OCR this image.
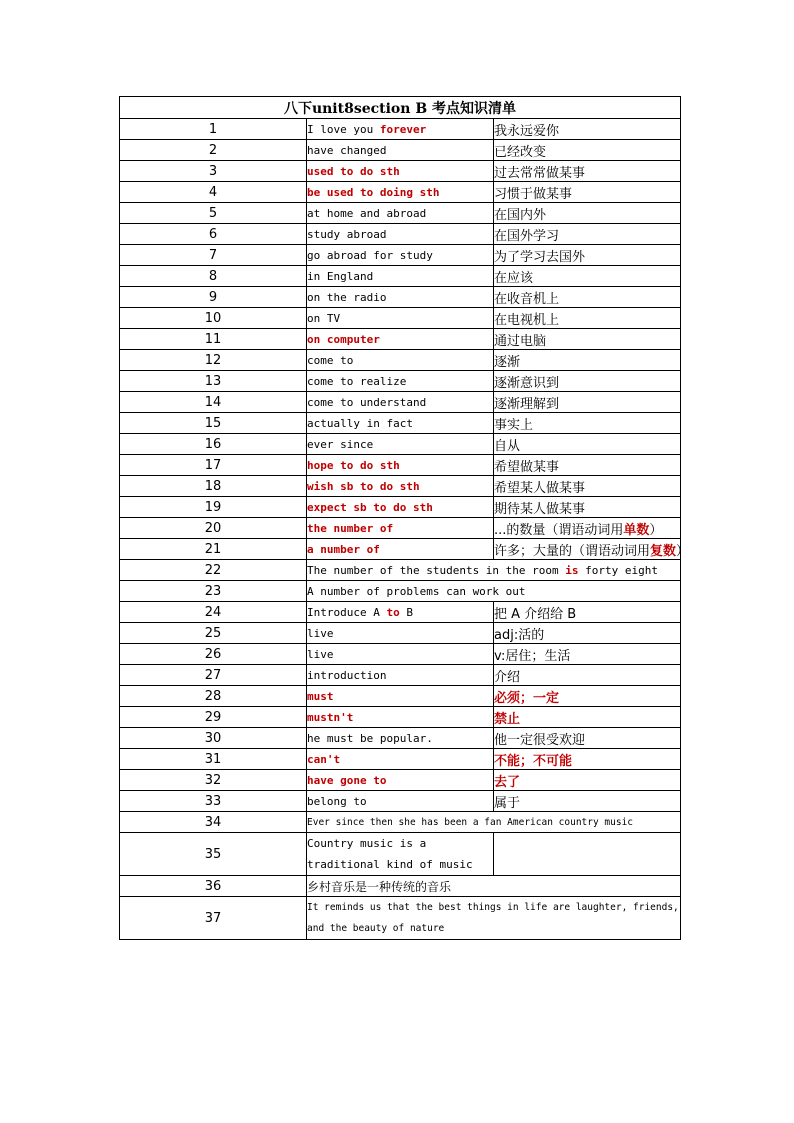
八下unit8section B 考点知识清单		
1	I love you forever	我永远爱你
2	have changed	已经改变
3	used to do sth	过去常常做某事
4	be used to doing sth	习惯于做某事
5	at home and abroad	在国内外
6	study abroad	在国外学习
7	go abroad for study	为了学习去国外
8	in England	在应该
9	on the radio	在收音机上
10	on TV	在电视机上
11	on computer	通过电脑
12	come to	逐渐
13	come to realize	逐渐意识到
14	come to understand	逐渐理解到
15	actually in fact	事实上
16	ever since	自从
17	hope to do sth	希望做某事
18	wish sb to do sth	希望某人做某事
19	expect sb to do sth	期待某人做某事
20	the number of	...的数量（谓语动词用单数）
21	a number of	许多；大量的（谓语动词用复数）
22	The number of the students in the room is forty eight	
23	A number of problems can work out	
24	Introduce A to B	把 A 介绍给 B
25	live	adj:活的
26	live	v:居住；生活
27	introduction	介绍
28	must	必须；一定
29	mustn't	禁止
30	he must be popular.	他一定很受欢迎
31	can't	不能；不可能
32	have gone to	去了
33	belong to	属于
34	Ever since then she has been a fan American country music	
35	Country music is a traditional kind of music	
36	乡村音乐是一种传统的音乐	
37	It reminds us that the best things in life are laughter, friends, and the beauty of nature	
